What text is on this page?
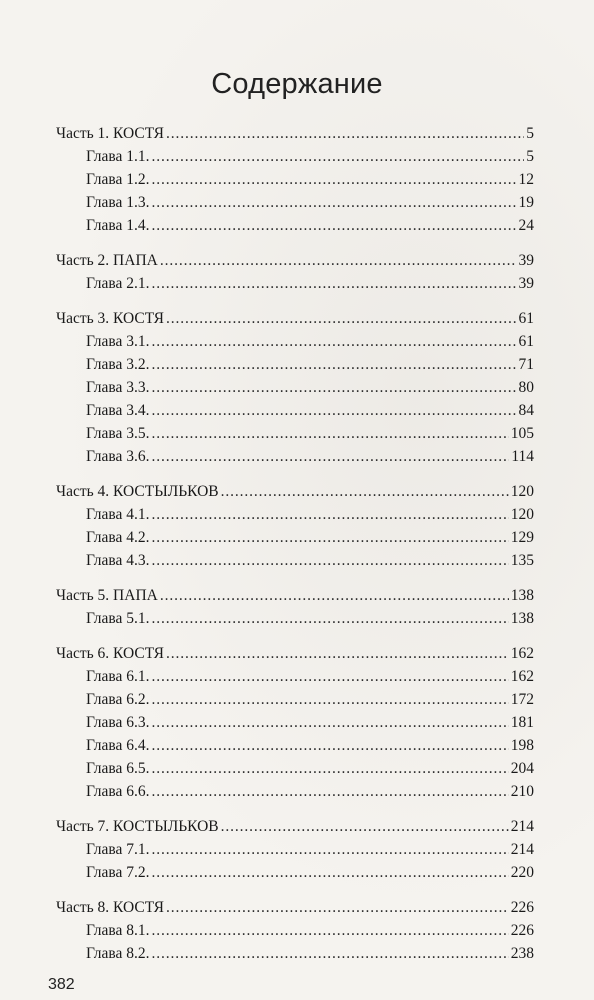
Содержание
Часть 1. КОСТЯ . . .	5
Глава 1.1. . . .	5
Глава 1.2. . . .	12
Глава 1.3. . . .	19
Глава 1.4. . . .	24
Часть 2. ПАПА . . .	39
Глава 2.1. . . .	39
Часть 3. КОСТЯ . . .	61
Глава 3.1. . . .	61
Глава 3.2. . . .	71
Глава 3.3. . . .	80
Глава 3.4. . . .	84
Глава 3.5. . . .	105
Глава 3.6. . . .	114
Часть 4. КОСТЫЛЬКОВ . . .	120
Глава 4.1. . . .	120
Глава 4.2. . . .	129
Глава 4.3. . . .	135
Часть 5. ПАПА . . .	138
Глава 5.1. . . .	138
Часть 6. КОСТЯ . . .	162
Глава 6.1. . . .	162
Глава 6.2. . . .	172
Глава 6.3. . . .	181
Глава 6.4. . . .	198
Глава 6.5. . . .	204
Глава 6.6. . . .	210
Часть 7. КОСТЫЛЬКОВ . . .	214
Глава 7.1. . . .	214
Глава 7.2. . . .	220
Часть 8. КОСТЯ . . .	226
Глава 8.1. . . .	226
Глава 8.2. . . .	238
382
